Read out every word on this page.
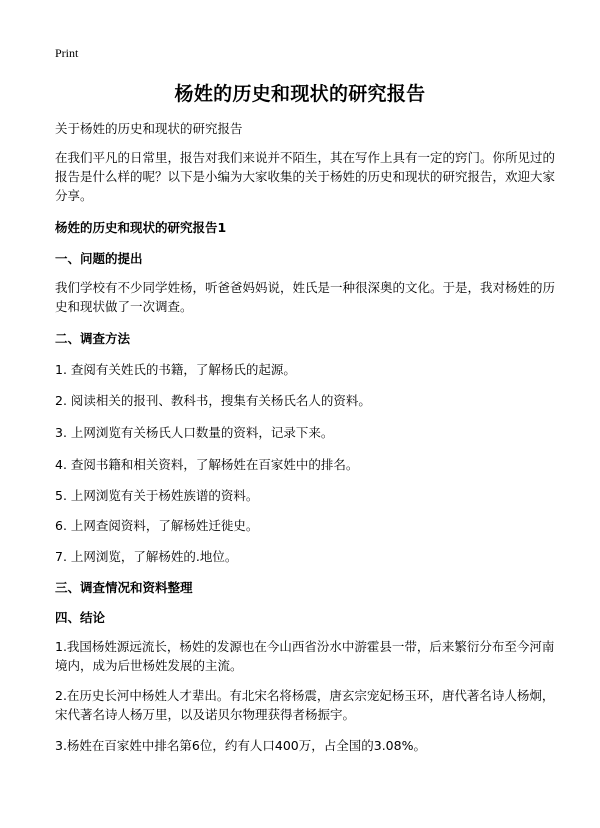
Print
杨姓的历史和现状的研究报告
关于杨姓的历史和现状的研究报告
在我们平凡的日常里，报告对我们来说并不陌生，其在写作上具有一定的窍门。你所见过的报告是什么样的呢？以下是小编为大家收集的关于杨姓的历史和现状的研究报告，欢迎大家分享。
杨姓的历史和现状的研究报告1
一、问题的提出
我们学校有不少同学姓杨，听爸爸妈妈说，姓氏是一种很深奥的文化。于是，我对杨姓的历史和现状做了一次调查。
二、调查方法
1. 查阅有关姓氏的书籍，了解杨氏的起源。
2. 阅读相关的报刊、教科书，搜集有关杨氏名人的资料。
3. 上网浏览有关杨氏人口数量的资料，记录下来。
4. 查阅书籍和相关资料，了解杨姓在百家姓中的排名。
5. 上网浏览有关于杨姓族谱的资料。
6. 上网查阅资料，了解杨姓迁徙史。
7. 上网浏览，了解杨姓的.地位。
三、调查情况和资料整理
四、结论
1.我国杨姓源远流长，杨姓的发源也在今山西省汾水中游霍县一带，后来繁衍分布至今河南境内，成为后世杨姓发展的主流。
2.在历史长河中杨姓人才辈出。有北宋名将杨震，唐玄宗宠妃杨玉环，唐代著名诗人杨炯，宋代著名诗人杨万里，以及诺贝尔物理获得者杨振宇。
3.杨姓在百家姓中排名第6位，约有人口400万，占全国的3.08%。
